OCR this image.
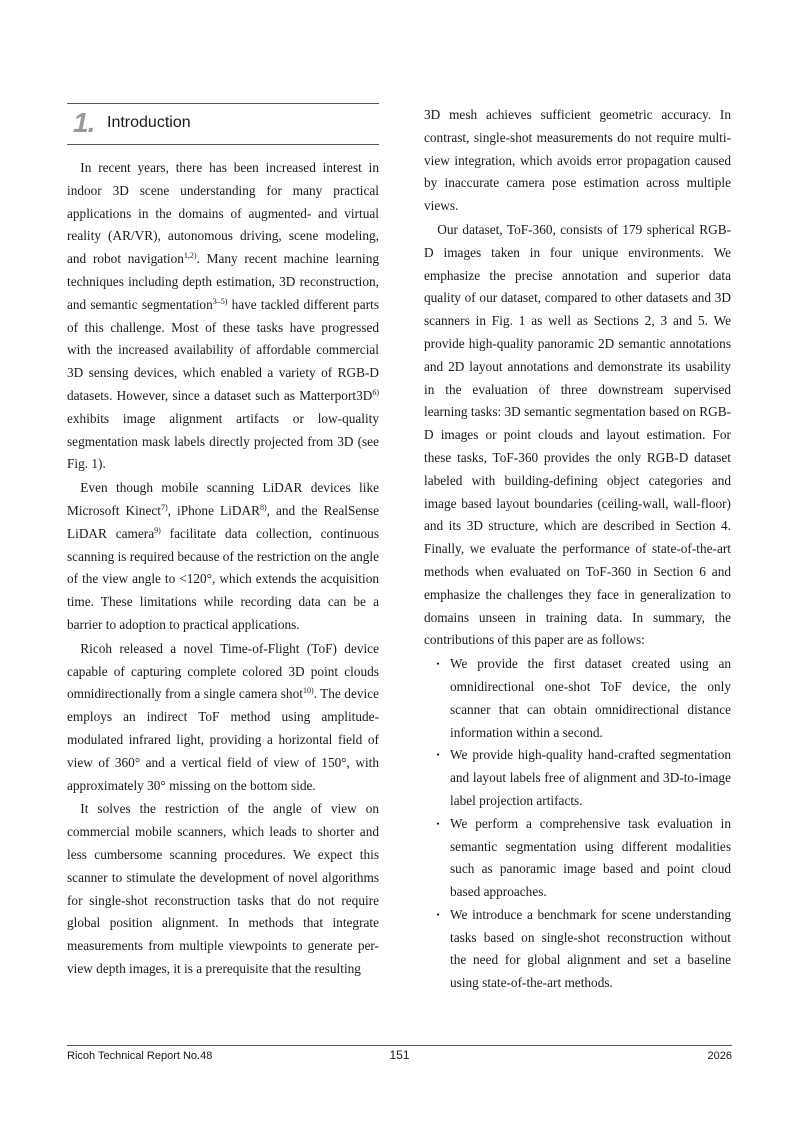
1. Introduction

In recent years, there has been increased interest in indoor 3D scene understanding for many practical applications in the domains of augmented- and virtual reality (AR/VR), autonomous driving, scene modeling, and robot navigation$^{1,2)}$. Many recent machine learning techniques including depth estimation, 3D reconstruction, and semantic segmentation$^{3-5)}$ have tackled different parts of this challenge. Most of these tasks have progressed with the increased availability of affordable commercial 3D sensing devices, which enabled a variety of RGB-D datasets. However, since a dataset such as $Matterport3D^{6)}$ exhibits image alignment artifacts or low-quality segmentation mask labels directly projected from 3D (see Fig. 1).

Even though mobile scanning LiDAR devices like Microsoft Kinect$^{7)}$, iPhone LiDAR$^{8)}$, and the RealSense LiDAR camera$^{9)}$ facilitate data collection, continuous scanning is required because of the restriction on the angle of the view angle to <120°, which extends the acquisition time. These limitations while recording data can be a barrier to adoption to practical applications.

Ricoh released a novel Time-of-Flight (ToF) device capable of capturing complete colored 3D point clouds omnidirectionally from a single camera shot$^{10)}$. The device employs an indirect ToF method using amplitude-modulated infrared light, providing a horizontal field of view of 360° and a vertical field of view of 150°, with approximately 30° missing on the bottom side.

It solves the restriction of the angle of view on commercial mobile scanners, which leads to shorter and less cumbersome scanning procedures. We expect this scanner to stimulate the development of novel algorithms for single-shot reconstruction tasks that do not require global position alignment. In methods that integrate measurements from multiple viewpoints to generate per-view depth images, it is a prerequisite that the resulting

3D mesh achieves sufficient geometric accuracy. In contrast, single-shot measurements do not require multi-view integration, which avoids error propagation caused by inaccurate camera pose estimation across multiple views.

Our dataset, ToF-360, consists of 179 spherical RGB-D images taken in four unique environments. We emphasize the precise annotation and superior data quality of our dataset, compared to other datasets and 3D scanners in Fig. 1 as well as Sections 2, 3 and 5. We provide high-quality panoramic 2D semantic annotations and 2D layout annotations and demonstrate its usability in the evaluation of three downstream supervised learning tasks: 3D semantic segmentation based on RGB-D images or point clouds and layout estimation. For these tasks, ToF-360 provides the only RGB-D dataset labeled with building-defining object categories and image based layout boundaries (ceiling-wall, wall-floor) and its 3D structure, which are described in Section 4. Finally, we evaluate the performance of state-of-the-art methods when evaluated on ToF-360 in Section 6 and emphasize the challenges they face in generalization to domains unseen in training data. In summary, the contributions of this paper are as follows:

・ We provide the first dataset created using an omnidirectional one-shot ToF device, the only scanner that can obtain omnidirectional distance information within a second.
・ We provide high-quality hand-crafted segmentation and layout labels free of alignment and 3D-to-image label projection artifacts.
・ We perform a comprehensive task evaluation in semantic segmentation using different modalities such as panoramic image based and point cloud based approaches.
・ We introduce a benchmark for scene understanding tasks based on single-shot reconstruction without the need for global alignment and set a baseline using state-of-the-art methods.
Ricoh Technical Report No.48	151	2026
